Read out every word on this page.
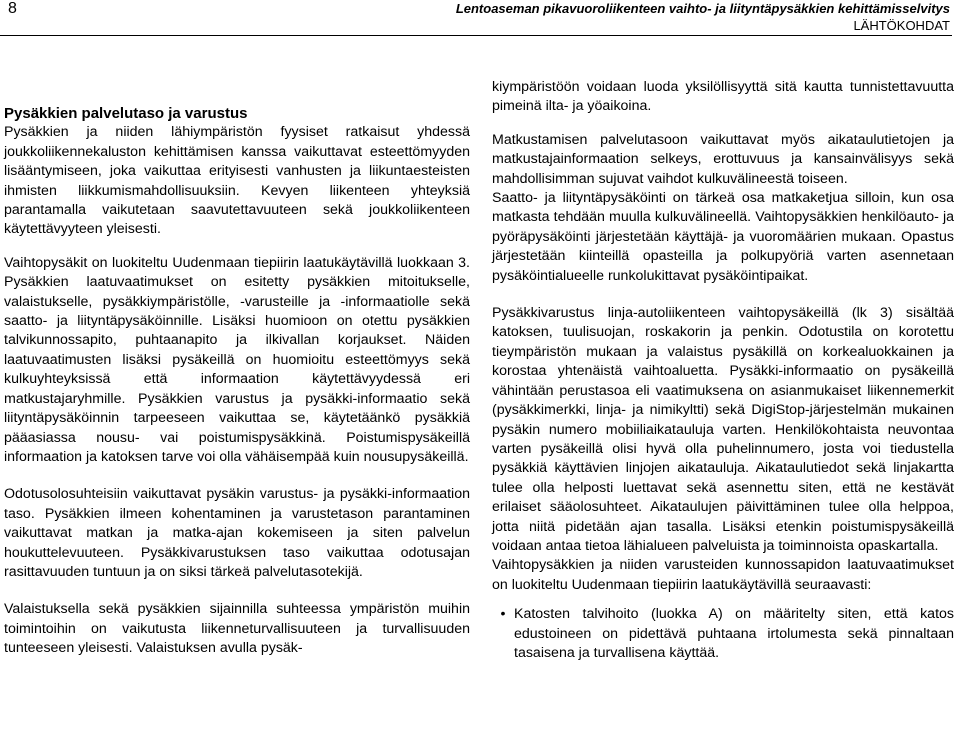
8	Lentoaseman pikavuoroliikenteen vaihto- ja liityntäpysäkkien kehittämisselvitys
LÄHTÖKOHDAT

Pysäkkien palvelutaso ja varustus

Pysäkkien ja niiden lähiympäristön fyysiset ratkaisut yhdessä joukkoliikennekaluston kehittämisen kanssa vaikuttavat esteettömyyden lisääntymiseen, joka vaikuttaa erityisesti vanhusten ja liikuntaesteisten ihmisten liikkumismahdollisuuksiin. Kevyen liikenteen yhteyksiä parantamalla vaikutetaan saavutettavuuteen sekä joukkoliikenteen käytettävyyteen yleisesti.

Vaihtopysäkit on luokiteltu Uudenmaan tiepiirin laatukäytävillä luokkaan 3. Pysäkkien laatuvaatimukset on esitetty pysäkkien mitoitukselle, valaistukselle, pysäkkiympäristölle, -varusteille ja -informaatiolle sekä saatto- ja liityntäpysäköinnille. Lisäksi huomioon on otettu pysäkkien talvikunnossapito, puhtaanapito ja ilkivallan korjaukset. Näiden laatuvaatimusten lisäksi pysäkeillä on huomioitu esteettömyys sekä kulkuyhteyksissä että informaation käytettävyydessä eri matkustajaryhmille. Pysäkkien varustus ja pysäkki-informaatio sekä liityntäpysäköinnin tarpeeseen vaikuttaa se, käytetäänkö pysäkkiä pääasiassa nousu- vai poistumispysäkkinä. Poistumispysäkeillä informaation ja katoksen tarve voi olla vähäisempää kuin nousupysäkeillä.

Odotusolosuhteisiin vaikuttavat pysäkin varustus- ja pysäkki-informaation taso. Pysäkkien ilmeen kohentaminen ja varustetason parantaminen vaikuttavat matkan ja matka-ajan kokemiseen ja siten palvelun houkuttelevuuteen. Pysäkkivarustuksen taso vaikuttaa odotusajan rasittavuuden tuntuun ja on siksi tärkeä palvelutasotekijä.

Valaistuksella sekä pysäkkien sijainnilla suhteessa ympäristön muihin toimintoihin on vaikutusta liikenneturvallisuuteen ja turvallisuuden tunteeseen yleisesti. Valaistuksen avulla pysäk-

kiympäristöön voidaan luoda yksilöllisyyttä sitä kautta tunnistettavuutta pimeinä ilta- ja yöaikoina.

Matkustamisen palvelutasoon vaikuttavat myös aikataulutietojen ja matkustajainformaation selkeys, erottuvuus ja kansainvälisyys sekä mahdollisimman sujuvat vaihdot kulkuvälineestä toiseen.

Saatto- ja liityntäpysäköinti on tärkeä osa matkaketjua silloin, kun osa matkasta tehdään muulla kulkuvälineellä. Vaihtopysäkkien henkilöauto- ja pyöräpysäköinti järjestetään käyttäjä- ja vuoromäärien mukaan. Opastus järjestetään kiinteillä opasteilla ja polkupyöriä varten asennetaan pysäköintialueelle runkolukittavat pysäköintipaikat.

Pysäkkivarustus linja-autoliikenteen vaihtopysäkeillä (lk 3) sisältää katoksen, tuulisuojan, roskakorin ja penkin. Odotustila on korotettu tieympäristön mukaan ja valaistus pysäkillä on korkealuokkainen ja korostaa yhtenäistä vaihtoaluetta. Pysäkki-informaatio on pysäkeillä vähintään perustasoa eli vaatimuksena on asianmukaiset liikennemerkit (pysäkkimerkki, linja- ja nimikyltti) sekä DigiStop-järjestelmän mukainen pysäkin numero mobiiliaikatauluja varten. Henkilökohtaista neuvontaa varten pysäkeillä olisi hyvä olla puhelinnumero, josta voi tiedustella pysäkkiä käyttävien linjojen aikatauluja. Aikataulutiedot sekä linjakartta tulee olla helposti luettavat sekä asennettu siten, että ne kestävät erilaiset sääolosuhteet. Aikataulujen päivittäminen tulee olla helppoa, jotta niitä pidetään ajan tasalla. Lisäksi etenkin poistumispysäkeillä voidaan antaa tietoa lähialueen palveluista ja toiminnoista opaskartalla.

Vaihtopysäkkien ja niiden varusteiden kunnossapidon laatuvaatimukset on luokiteltu Uudenmaan tiepiirin laatukäytävillä seuraavasti:

• Katosten talvihoito (luokka A) on määritelty siten, että katos edustoineen on pidettävä puhtaana irtolumesta sekä pinnaltaan tasaisena ja turvallisena käyttää.
